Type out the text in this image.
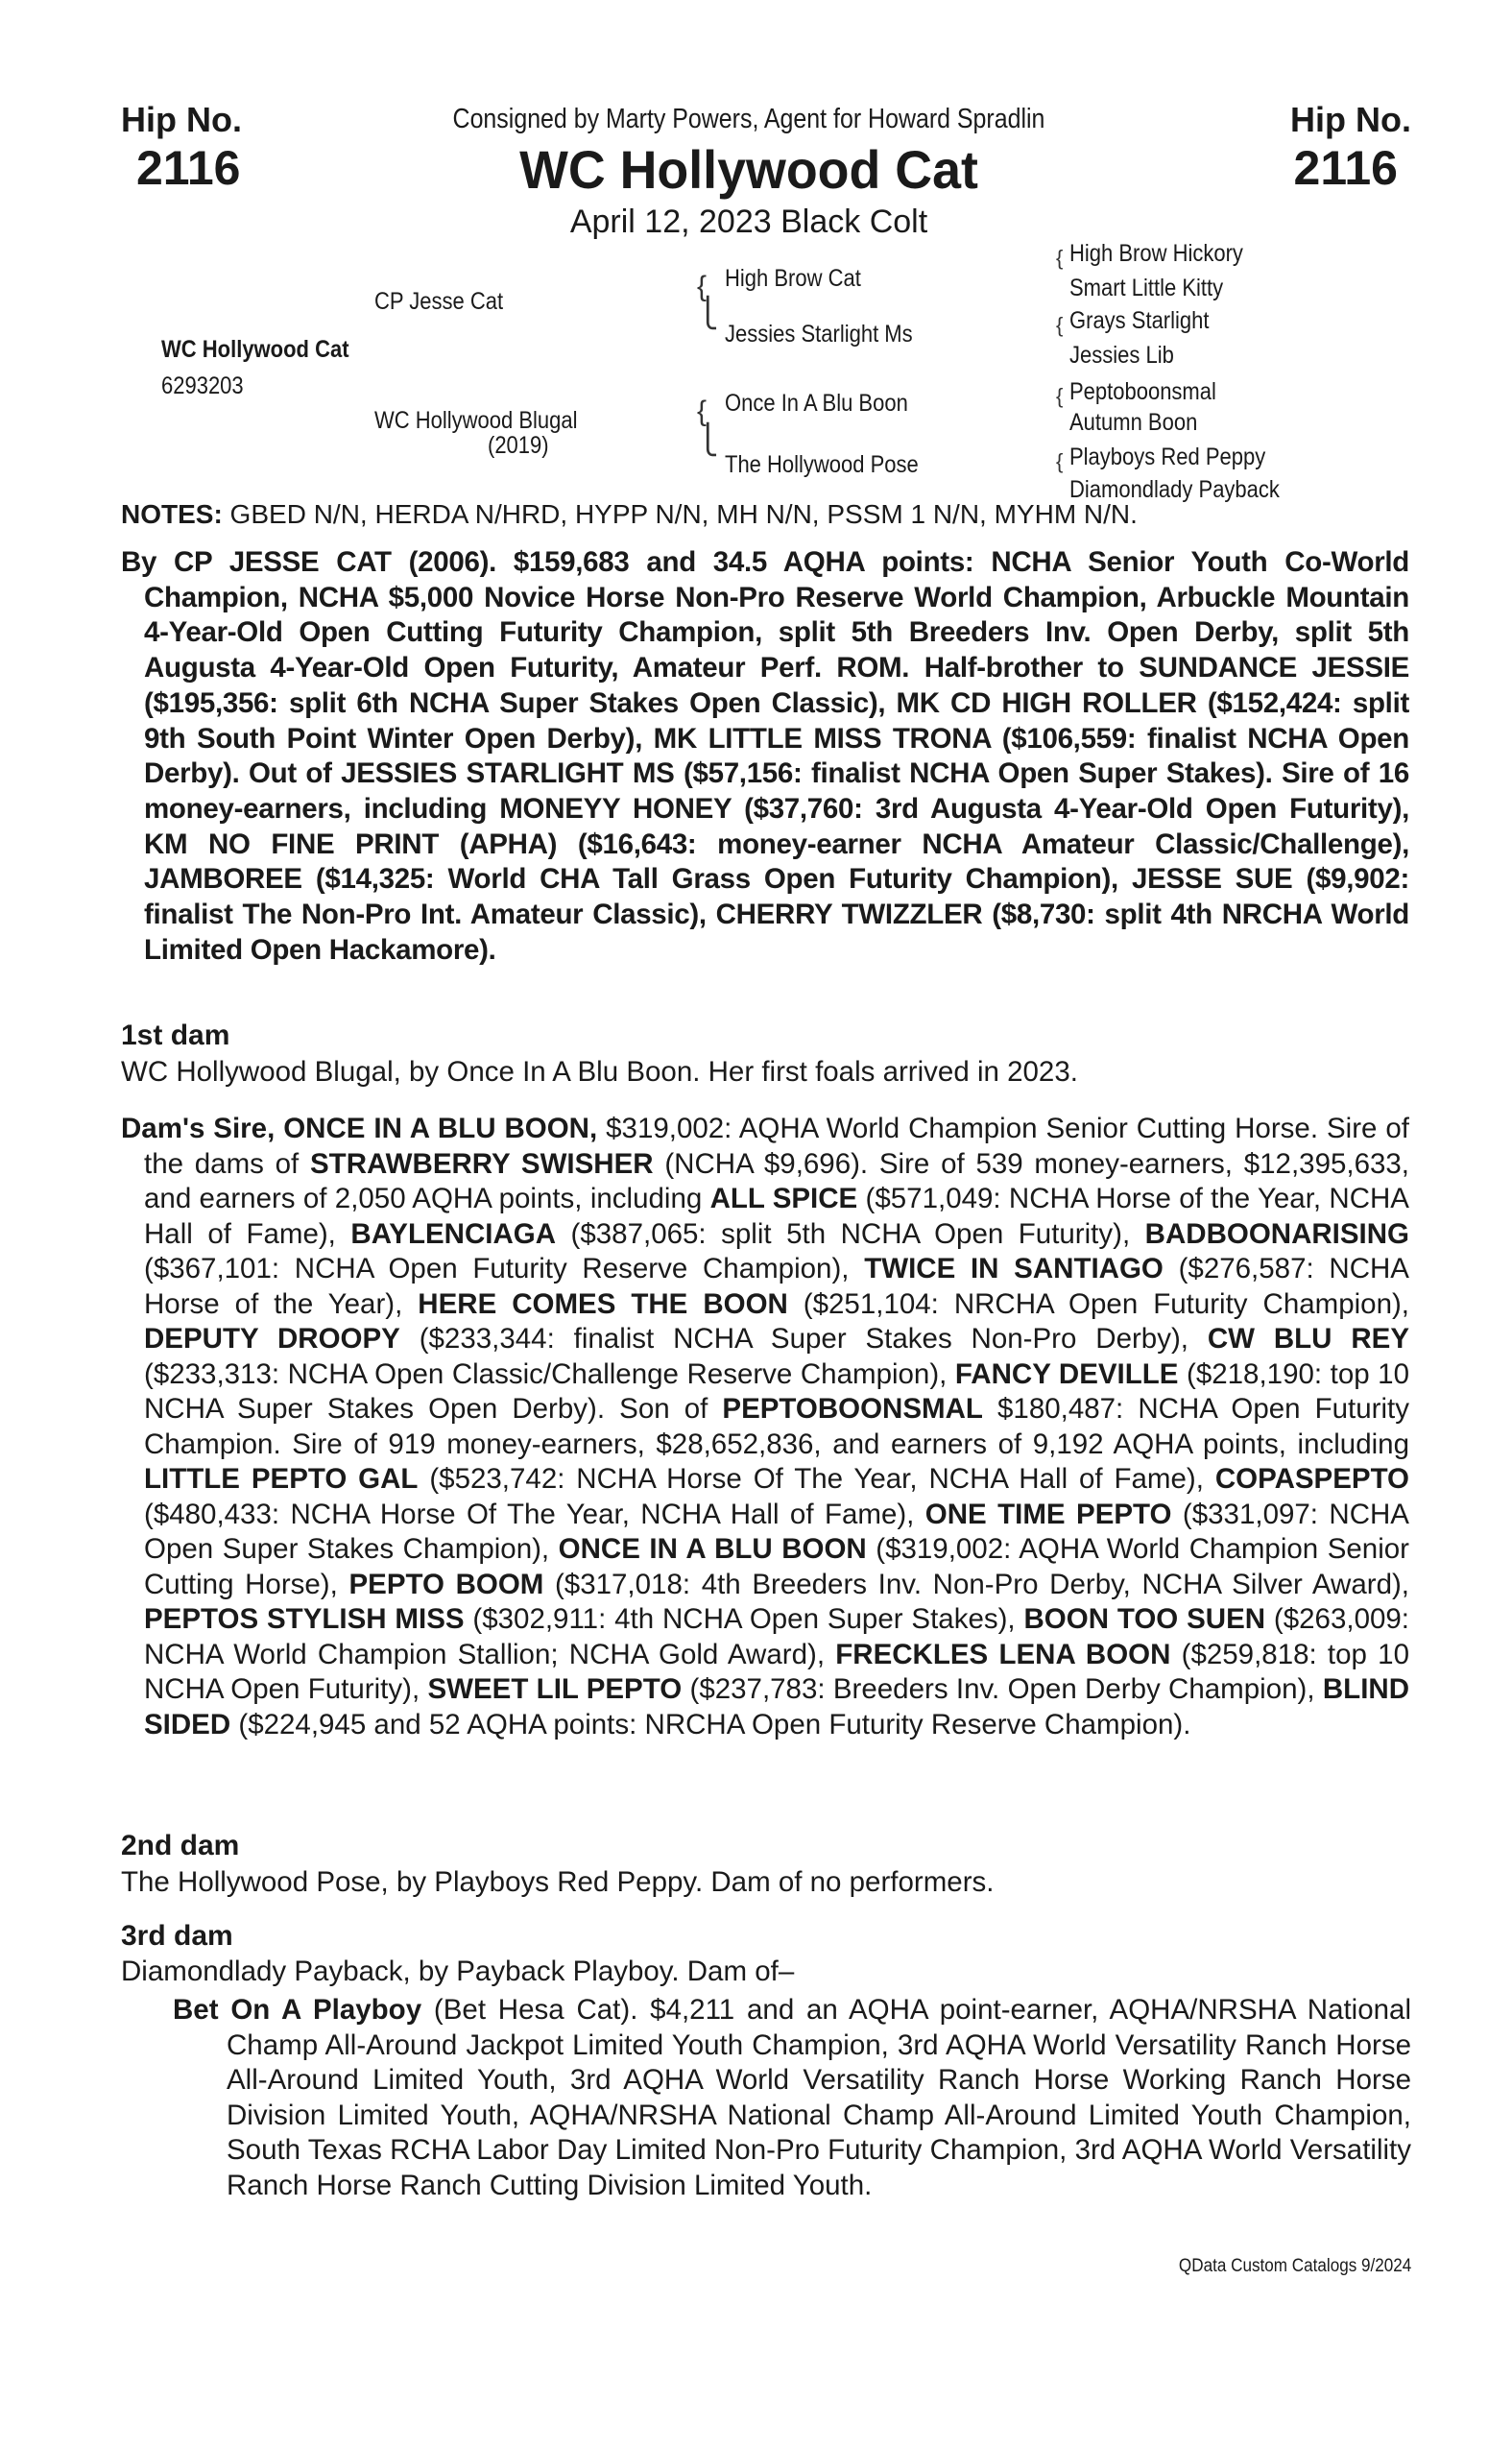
Hip No.
2116
Hip No.
2116
Consigned by Marty Powers, Agent for Howard Spradlin
WC Hollywood Cat
April 12, 2023 Black Colt
WC Hollywood Cat
6293203
CP Jesse Cat
WC Hollywood Blugal
(2019)
{
⎩
High Brow Cat
Jessies Starlight Ms
{
⎩
Once In A Blu Boon
The Hollywood Pose
{ High Brow Hickory
Smart Little Kitty
{ Grays Starlight
Jessies Lib
{ Peptoboonsmal
Autumn Boon
{ Playboys Red Peppy
Diamondlady Payback
NOTES: GBED N/N, HERDA N/HRD, HYPP N/N, MH N/N, PSSM 1 N/N, MYHM N/N.
By CP JESSE CAT (2006). $159,683 and 34.5 AQHA points: NCHA Senior Youth Co-World Champion, NCHA $5,000 Novice Horse Non-Pro Reserve World Champion, Arbuckle Mountain 4-Year-Old Open Cutting Futurity Champion, split 5th Breeders Inv. Open Derby, split 5th Augusta 4-Year-Old Open Futurity, Amateur Perf. ROM. Half-brother to SUNDANCE JESSIE ($195,356: split 6th NCHA Super Stakes Open Classic), MK CD HIGH ROLLER ($152,424: split 9th South Point Winter Open Derby), MK LITTLE MISS TRONA ($106,559: finalist NCHA Open Derby). Out of JESSIES STARLIGHT MS ($57,156: finalist NCHA Open Super Stakes). Sire of 16 money-earners, including MONEYY HONEY ($37,760: 3rd Augusta 4-Year-Old Open Futurity), KM NO FINE PRINT (APHA) ($16,643: money-earner NCHA Amateur Classic/Challenge), JAMBOREE ($14,325: World CHA Tall Grass Open Futurity Champion), JESSE SUE ($9,902: finalist The Non-Pro Int. Amateur Classic), CHERRY TWIZZLER ($8,730: split 4th NRCHA World Limited Open Hackamore).
1st dam
WC Hollywood Blugal, by Once In A Blu Boon. Her first foals arrived in 2023.
Dam's Sire, ONCE IN A BLU BOON, $319,002: AQHA World Champion Senior Cutting Horse. Sire of the dams of STRAWBERRY SWISHER (NCHA $9,696). Sire of 539 money-earners, $12,395,633, and earners of 2,050 AQHA points, including ALL SPICE ($571,049: NCHA Horse of the Year, NCHA Hall of Fame), BAYLENCIAGA ($387,065: split 5th NCHA Open Futurity), BADBOONARISING ($367,101: NCHA Open Futurity Reserve Champion), TWICE IN SANTIAGO ($276,587: NCHA Horse of the Year), HERE COMES THE BOON ($251,104: NRCHA Open Futurity Champion), DEPUTY DROOPY ($233,344: finalist NCHA Super Stakes Non-Pro Derby), CW BLU REY ($233,313: NCHA Open Classic/Challenge Reserve Champion), FANCY DEVILLE ($218,190: top 10 NCHA Super Stakes Open Derby). Son of PEPTOBOONSMAL $180,487: NCHA Open Futurity Champion. Sire of 919 money-earners, $28,652,836, and earners of 9,192 AQHA points, including LITTLE PEPTO GAL ($523,742: NCHA Horse Of The Year, NCHA Hall of Fame), COPASPEPTO ($480,433: NCHA Horse Of The Year, NCHA Hall of Fame), ONE TIME PEPTO ($331,097: NCHA Open Super Stakes Champion), ONCE IN A BLU BOON ($319,002: AQHA World Champion Senior Cutting Horse), PEPTO BOOM ($317,018: 4th Breeders Inv. Non-Pro Derby, NCHA Silver Award), PEPTOS STYLISH MISS ($302,911: 4th NCHA Open Super Stakes), BOON TOO SUEN ($263,009: NCHA World Champion Stallion; NCHA Gold Award), FRECKLES LENA BOON ($259,818: top 10 NCHA Open Futurity), SWEET LIL PEPTO ($237,783: Breeders Inv. Open Derby Champion), BLIND SIDED ($224,945 and 52 AQHA points: NRCHA Open Futurity Reserve Champion).
2nd dam
The Hollywood Pose, by Playboys Red Peppy. Dam of no performers.
3rd dam
Diamondlady Payback, by Payback Playboy. Dam of–
Bet On A Playboy (Bet Hesa Cat). $4,211 and an AQHA point-earner, AQHA/NRSHA National Champ All-Around Jackpot Limited Youth Champion, 3rd AQHA World Versatility Ranch Horse All-Around Limited Youth, 3rd AQHA World Versatility Ranch Horse Working Ranch Horse Division Limited Youth, AQHA/NRSHA National Champ All-Around Limited Youth Champion, South Texas RCHA Labor Day Limited Non-Pro Futurity Champion, 3rd AQHA World Versatility Ranch Horse Ranch Cutting Division Limited Youth.
QData Custom Catalogs 9/2024
